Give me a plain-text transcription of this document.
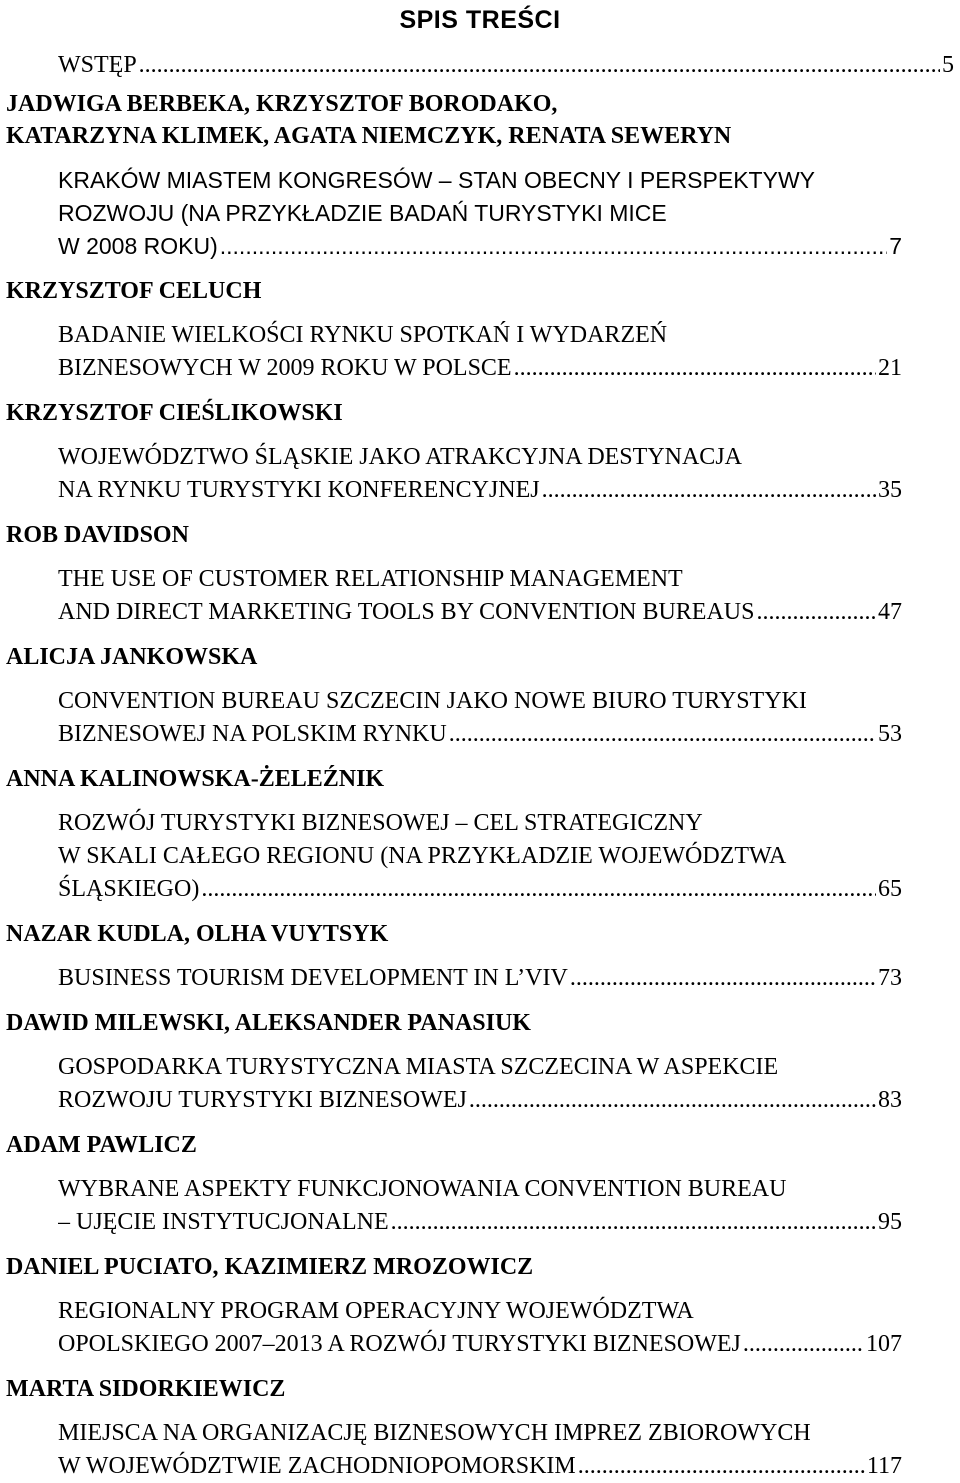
SPIS TREŚCI
WSTĘP .....	5
JADWIGA BERBEKA, KRZYSZTOF BORODAKO,
KATARZYNA KLIMEK, AGATA NIEMCZYK, RENATA SEWERYN
KRAKÓW MIASTEM KONGRESÓW – STAN OBECNY I PERSPEKTYWY
ROZWOJU (NA PRZYKŁADZIE BADAŃ TURYSTYKI MICE
W 2008 ROKU) .....	7
KRZYSZTOF CELUCH
BADANIE WIELKOŚCI RYNKU SPOTKAŃ I WYDARZEŃ
BIZNESOWYCH W 2009 ROKU W POLSCE .....	21
KRZYSZTOF CIEŚLIKOWSKI
WOJEWÓDZTWO ŚLĄSKIE JAKO ATRAKCYJNA DESTYNACJA
NA RYNKU TURYSTYKI KONFERENCYJNEJ .....	35
ROB DAVIDSON
THE USE OF CUSTOMER RELATIONSHIP MANAGEMENT
AND DIRECT MARKETING TOOLS BY CONVENTION BUREAUS .....	47
ALICJA JANKOWSKA
CONVENTION BUREAU SZCZECIN JAKO NOWE BIURO TURYSTYKI
BIZNESOWEJ NA POLSKIM RYNKU .....	53
ANNA KALINOWSKA-ŻELEŹNIK
ROZWÓJ TURYSTYKI BIZNESOWEJ – CEL STRATEGICZNY
W SKALI CAŁEGO REGIONU (NA PRZYKŁADZIE WOJEWÓDZTWA
ŚLĄSKIEGO) .....	65
NAZAR KUDLA, OLHA VUYTSYK
BUSINESS TOURISM DEVELOPMENT IN L’VIV .....	73
DAWID MILEWSKI, ALEKSANDER PANASIUK
GOSPODARKA TURYSTYCZNA MIASTA SZCZECINA W ASPEKCIE
ROZWOJU TURYSTYKI BIZNESOWEJ .....	83
ADAM PAWLICZ
WYBRANE ASPEKTY FUNKCJONOWANIA CONVENTION BUREAU
– UJĘCIE INSTYTUCJONALNE .....	95
DANIEL PUCIATO, KAZIMIERZ MROZOWICZ
REGIONALNY PROGRAM OPERACYJNY WOJEWÓDZTWA
OPOLSKIEGO 2007–2013 A ROZWÓJ TURYSTYKI BIZNESOWEJ .....	107
MARTA SIDORKIEWICZ
MIEJSCA NA ORGANIZACJĘ BIZNESOWYCH IMPREZ ZBIOROWYCH
W WOJEWÓDZTWIE ZACHODNIOPOMORSKIM .....	117
